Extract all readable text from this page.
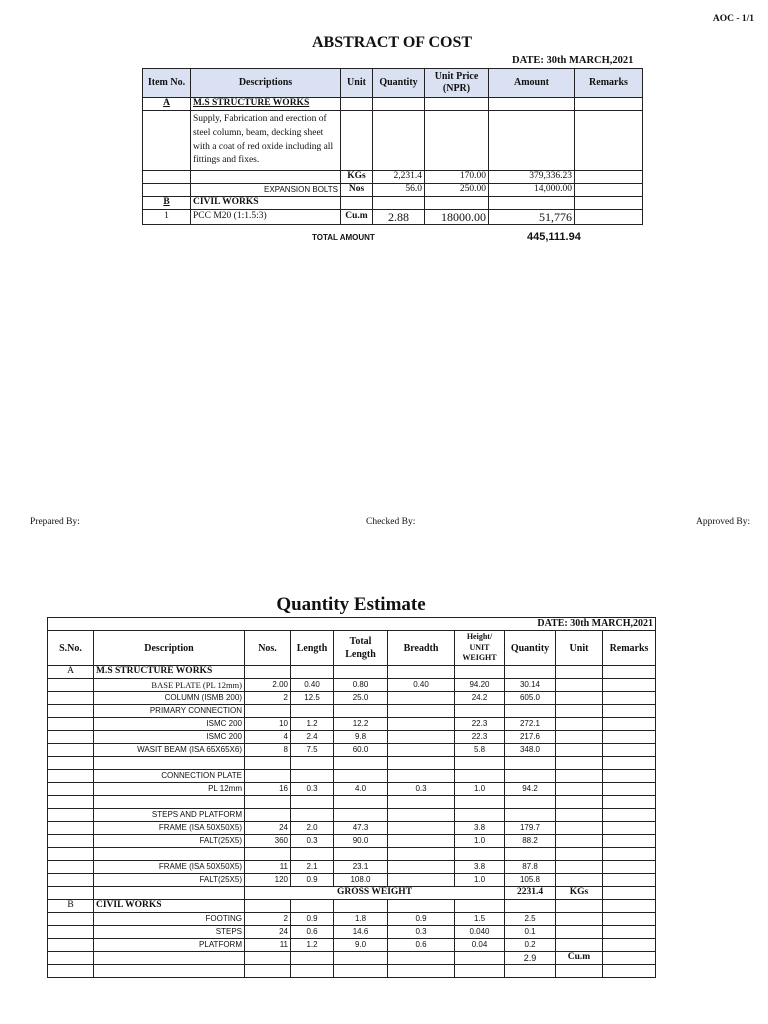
AOC - 1/1
ABSTRACT OF COST
DATE: 30th MARCH,2021
Item No.	Descriptions	Unit	Quantity	Unit Price (NPR)	Amount	Remarks
A	M.S STRUCTURE WORKS					
	Supply, Fabrication and erection of steel column, beam, decking sheet with a coat of red oxide including all fittings and fixes.					
		KGs	2,231.4	170.00	379,336.23	
	EXPANSION BOLTS	Nos	56.0	250.00	14,000.00	
B	CIVIL WORKS					
1	PCC M20 (1:1.5:3)	Cu.m	2.88	18000.00	51,776	
TOTAL AMOUNT	445,111.94
Prepared By:	Checked By:	Approved By:
Quantity Estimate
DATE: 30th MARCH,2021									
S.No.	Description	Nos.	Length	Total Length	Breadth	Height/ UNIT WEIGHT	Quantity	Unit	Remarks
A	M.S STRUCTURE WORKS								
	BASE PLATE (PL 12mm)	2.00	0.40	0.80	0.40	94.20	30.14		
	COLUMN (ISMB 200)	2	12.5	25.0		24.2	605.0		
	PRIMARY CONNECTION								
	ISMC 200	10	1.2	12.2		22.3	272.1		
	ISMC 200	4	2.4	9.8		22.3	217.6		
	WASIT BEAM (ISA 65X65X6)	8	7.5	60.0		5.8	348.0		

	CONNECTION PLATE								
	PL 12mm	16	0.3	4.0	0.3	1.0	94.2		

	STEPS AND PLATFORM								
	FRAME (ISA 50X50X5)	24	2.0	47.3		3.8	179.7		
	FALT(25X5)	360	0.3	90.0		1.0	88.2		

	FRAME (ISA 50X50X5)	11	2.1	23.1		3.8	87.8		
	FALT(25X5)	120	0.9	108.0		1.0	105.8		
		GROSS WEIGHT					2231.4	KGs	
B	CIVIL WORKS								
	FOOTING	2	0.9	1.8	0.9	1.5	2.5		
	STEPS	24	0.6	14.6	0.3	0.040	0.1		
	PLATFORM	11	1.2	9.0	0.6	0.04	0.2		
							2.9	Cu.m	
